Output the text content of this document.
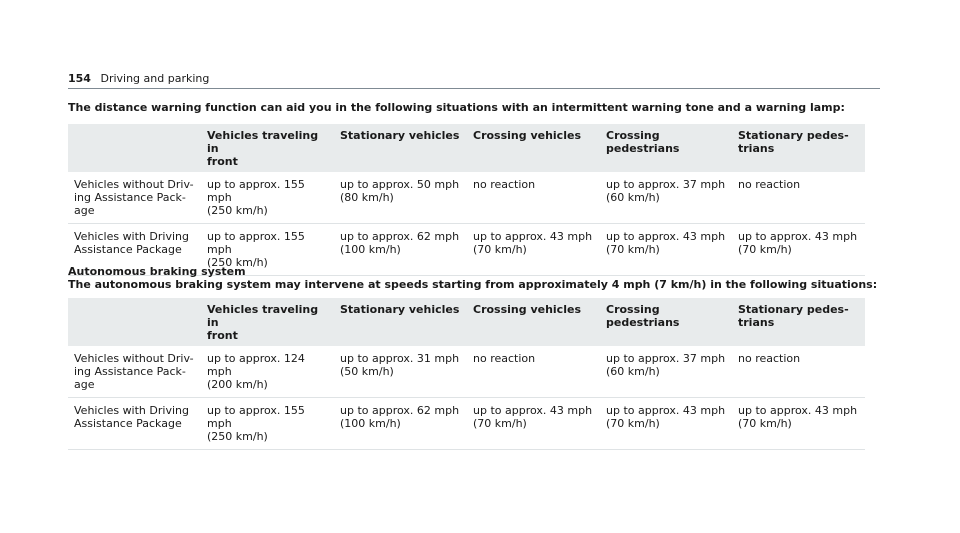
154 Driving and parking
The distance warning function can aid you in the following situations with an intermittent warning tone and a warning lamp:

	Vehicles traveling in
front	Stationary vehicles	Crossing vehicles	Crossing pedestrians	Stationary pedes-
trians

Vehicles without Driv-
ing Assistance Pack-
age	up to approx. 155 mph
(250 km/h)	up to approx. 50 mph
(80 km/h)	no reaction	up to approx. 37 mph
(60 km/h)	no reaction

Vehicles with Driving
Assistance Package	up to approx. 155 mph
(250 km/h)	up to approx. 62 mph
(100 km/h)	up to approx. 43 mph
(70 km/h)	up to approx. 43 mph
(70 km/h)	up to approx. 43 mph
(70 km/h)
Autonomous braking system
The autonomous braking system may intervene at speeds starting from approximately 4 mph (7 km/h) in the following situations:

	Vehicles traveling in
front	Stationary vehicles	Crossing vehicles	Crossing pedestrians	Stationary pedes-
trians

Vehicles without Driv-
ing Assistance Pack-
age	up to approx. 124 mph
(200 km/h)	up to approx. 31 mph
(50 km/h)	no reaction	up to approx. 37 mph
(60 km/h)	no reaction

Vehicles with Driving
Assistance Package	up to approx. 155 mph
(250 km/h)	up to approx. 62 mph
(100 km/h)	up to approx. 43 mph
(70 km/h)	up to approx. 43 mph
(70 km/h)	up to approx. 43 mph
(70 km/h)
